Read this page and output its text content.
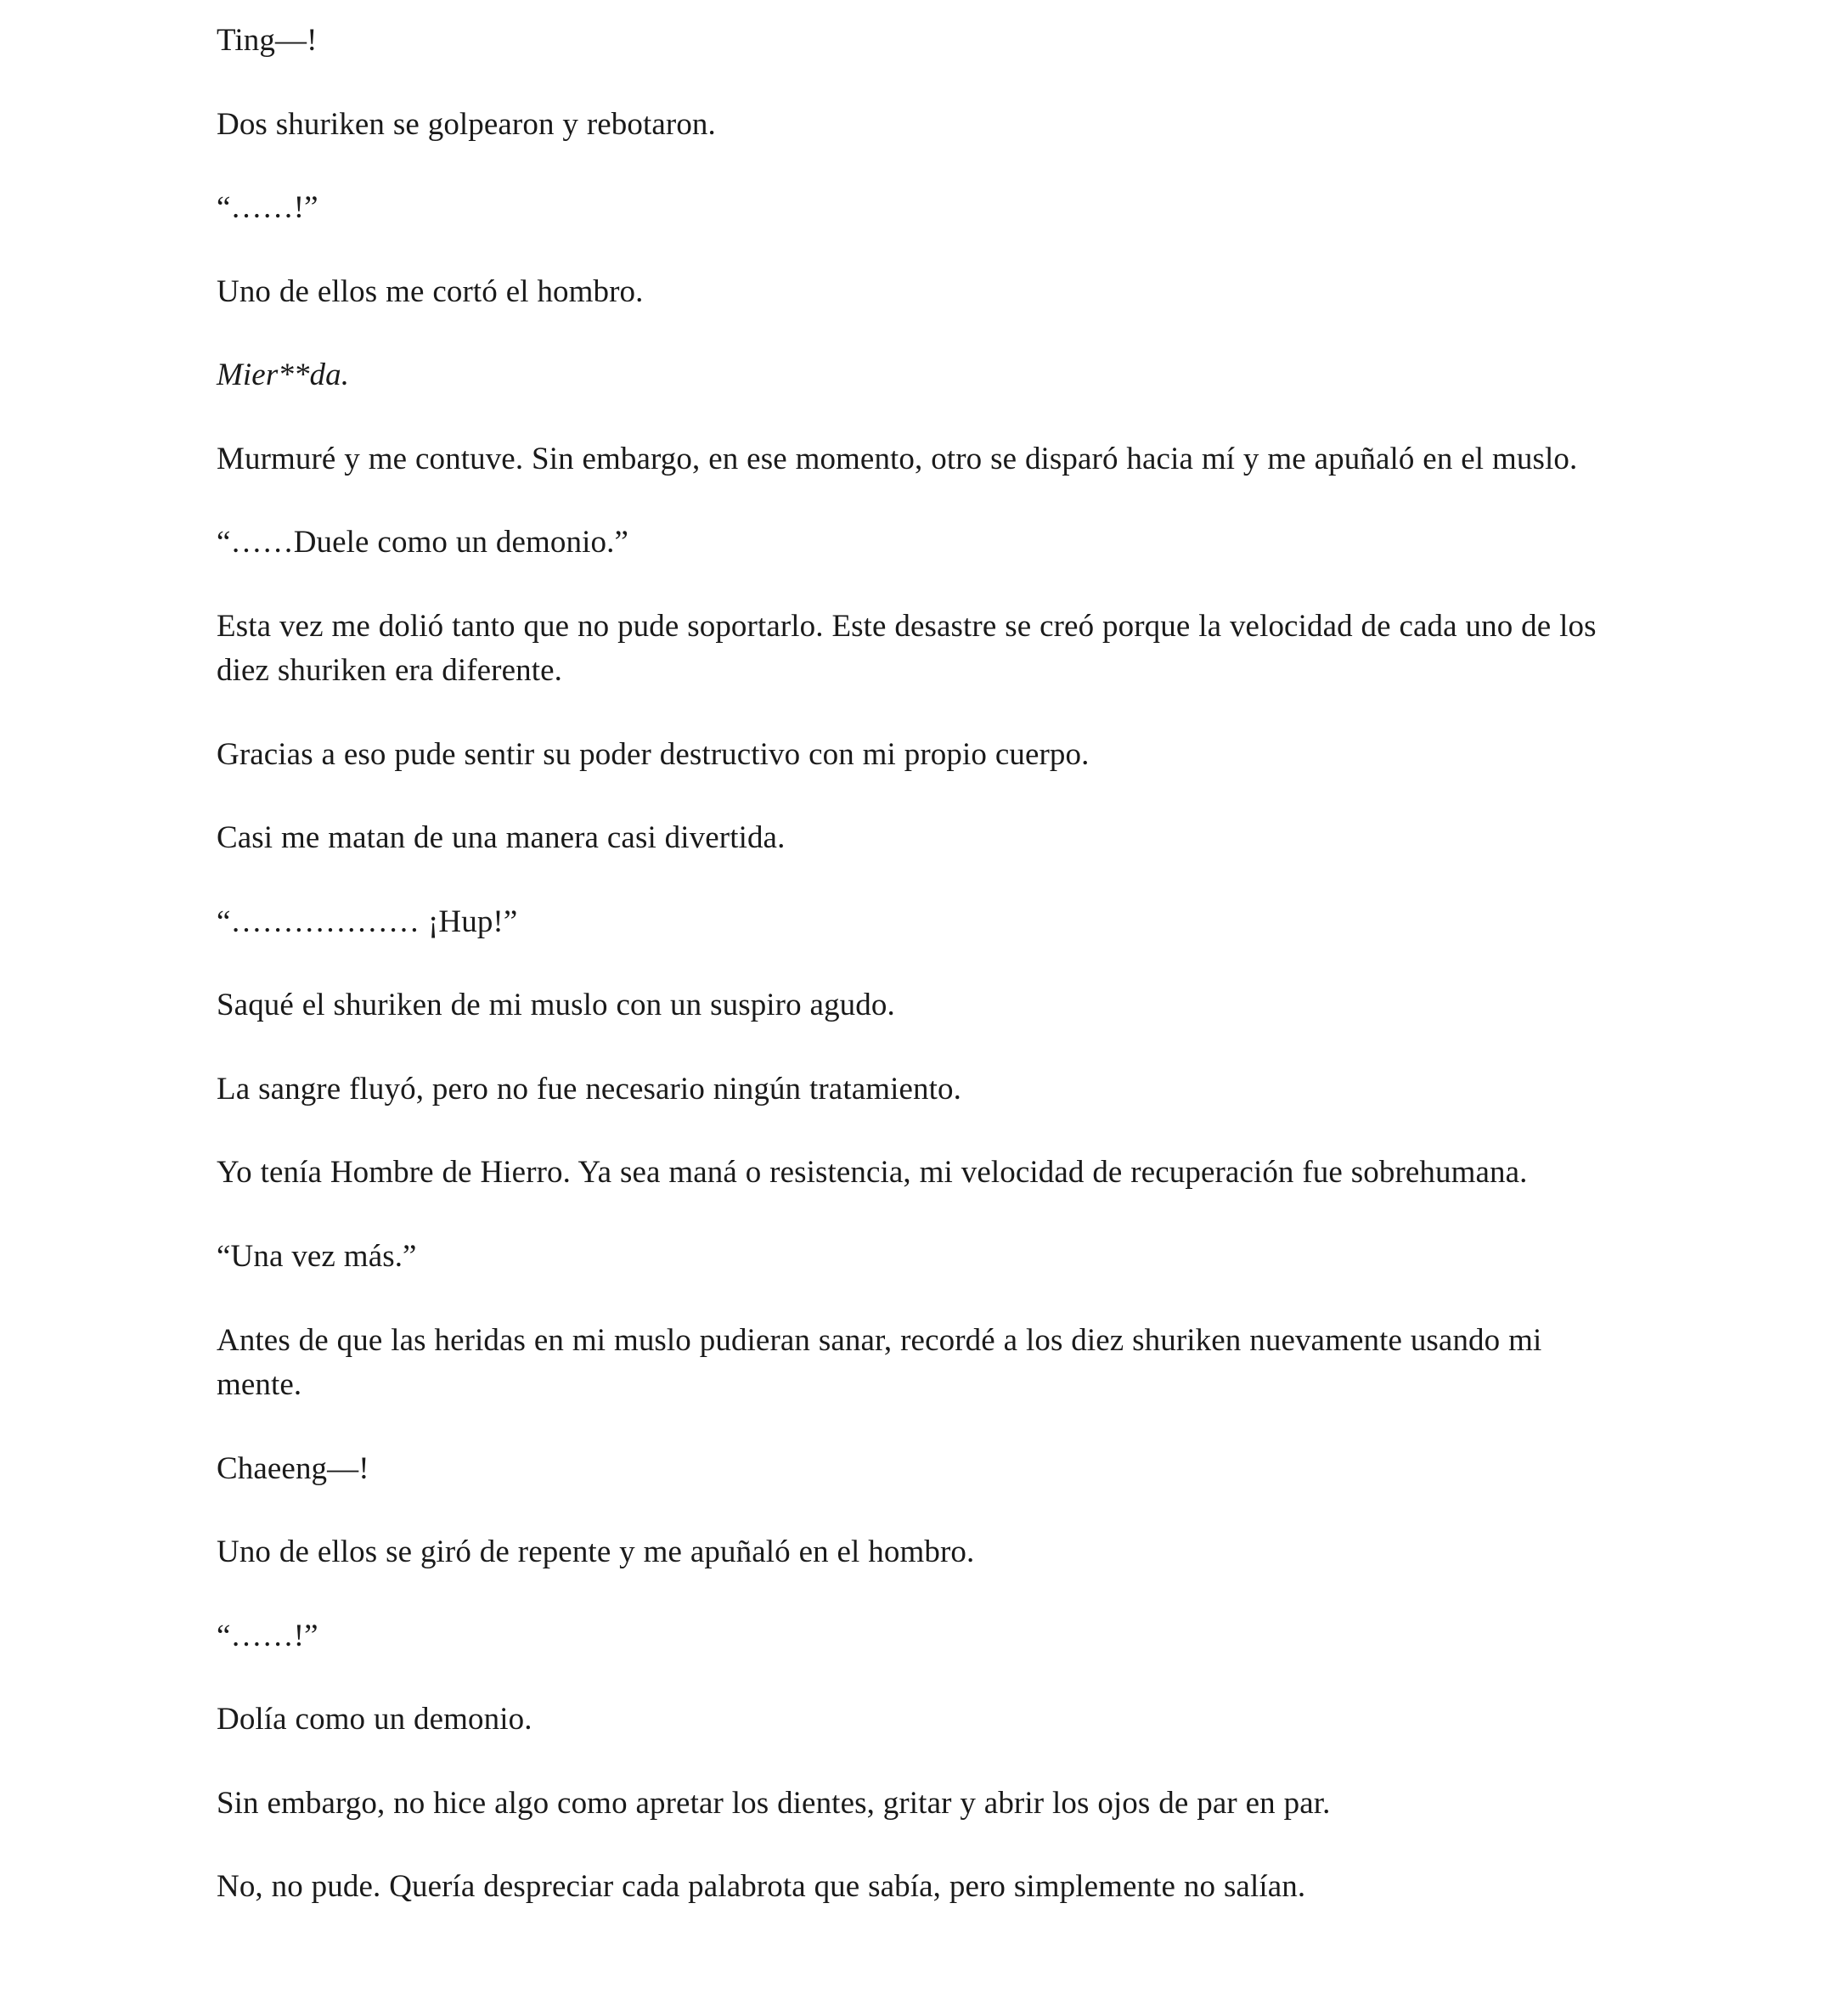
Ting—!

Dos shuriken se golpearon y rebotaron.

“……!”

Uno de ellos me cortó el hombro.

Mier**da.

Murmuré y me contuve. Sin embargo, en ese momento, otro se disparó hacia mí y me apuñaló en el muslo.

“……Duele como un demonio.”

Esta vez me dolió tanto que no pude soportarlo. Este desastre se creó porque la velocidad de cada uno de los diez shuriken era diferente.

Gracias a eso pude sentir su poder destructivo con mi propio cuerpo.

Casi me matan de una manera casi divertida.

“……………… ¡Hup!”

Saqué el shuriken de mi muslo con un suspiro agudo.

La sangre fluyó, pero no fue necesario ningún tratamiento.

Yo tenía Hombre de Hierro. Ya sea maná o resistencia, mi velocidad de recuperación fue sobrehumana.

“Una vez más.”

Antes de que las heridas en mi muslo pudieran sanar, recordé a los diez shuriken nuevamente usando mi mente.

Chaeeng—!

Uno de ellos se giró de repente y me apuñaló en el hombro.

“……!”

Dolía como un demonio.

Sin embargo, no hice algo como apretar los dientes, gritar y abrir los ojos de par en par.

No, no pude. Quería despreciar cada palabrota que sabía, pero simplemente no salían.
